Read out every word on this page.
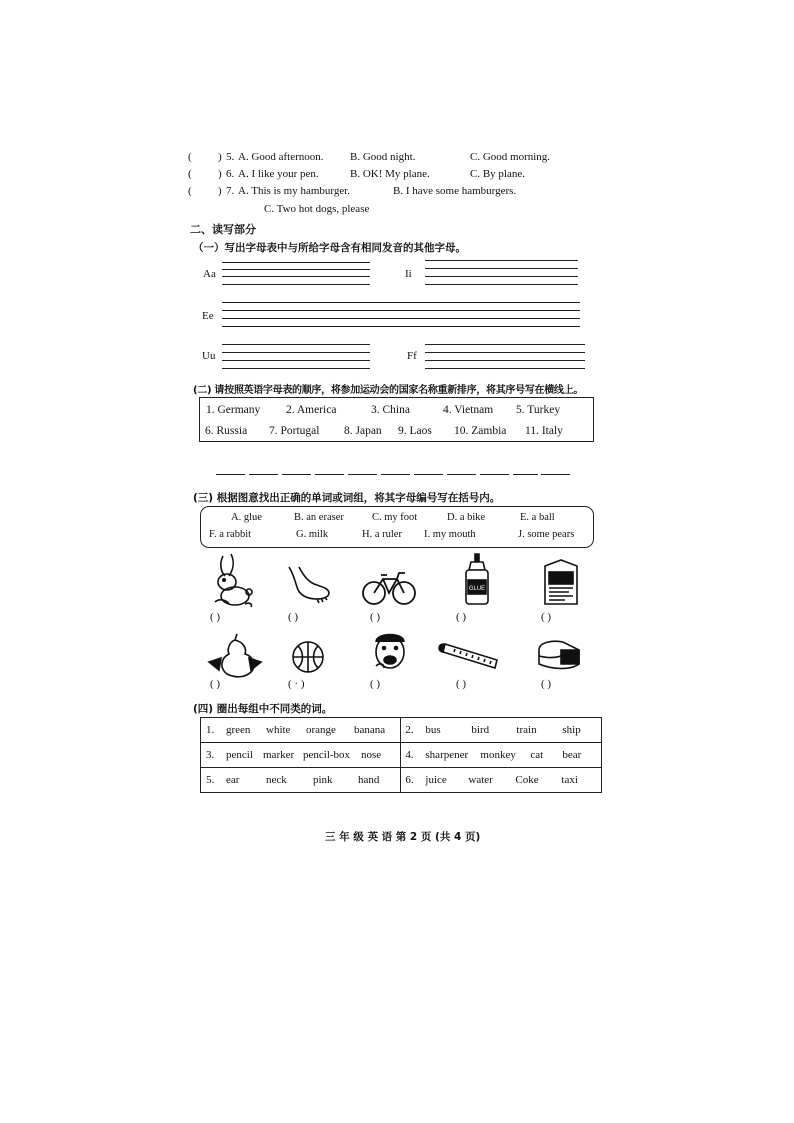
( ) 5. A. Good afternoon. B. Good night.	C. Good morning.
( ) 6. A. I like your pen.	B. OK! My plane.	C. By plane.
( ) 7. A. This is my hamburger.	B. I have some hamburgers.
C. Two hot dogs, please
二、读写部分
（一）写出字母表中与所给字母含有相同发音的其他字母。
Aa	Ii
Ee
Uu	Ff
(二) 请按照英语字母表的顺序，将参加运动会的国家名称重新排序，将其序号写在横线上。
1. Germany 2. America	3. China	4. Vietnam 5. Turkey
6. Russia 7. Portugal 8. Japan 9. Laos 10. Zambia 11. Italy
(三) 根据图意找出正确的单词或词组，将其字母编号写在括号内。
A. glue	B. an eraser	C. my foot	D. a bike	E. a ball
F. a rabbit	G. milk	H. a ruler I. my mouth	J. some pears
GLUE
( )	( )	( )	( )	( )
( )	( · )	( )	( )	( )
(四) 圈出每组中不同类的词。
1. green white orange banana	2. bus bird train ship

3. pencil marker pencil-box nose	4. sharpener monkey cat bear

5. ear neck pink hand	6. juice water Coke taxi
三 年 级 英 语 第 2 页 (共 4 页)
